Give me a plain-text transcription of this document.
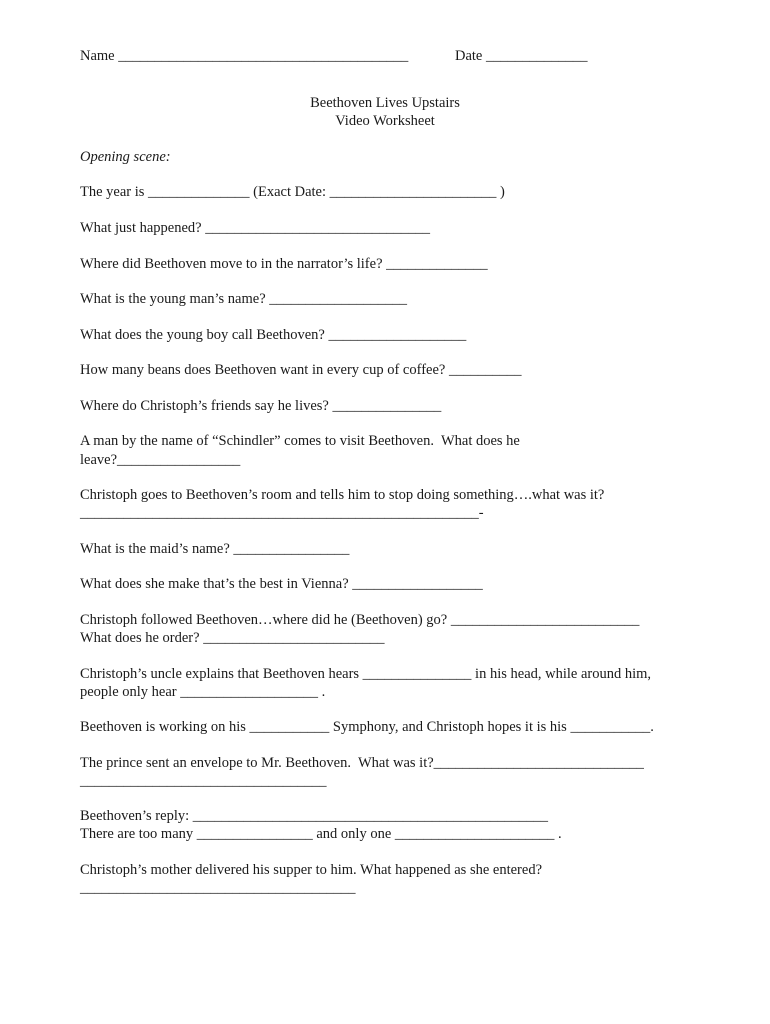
Name ________________________________________	Date ______________
Beethoven Lives Upstairs
Video Worksheet
Opening scene:
The year is ______________ (Exact Date: _______________________ )
What just happened? _______________________________
Where did Beethoven move to in the narrator’s life? ______________
What is the young man’s name? ___________________
What does the young boy call Beethoven? ___________________
How many beans does Beethoven want in every cup of coffee? __________
Where do Christoph’s friends say he lives? _______________
A man by the name of “Schindler” comes to visit Beethoven.  What does he
leave?_________________
Christoph goes to Beethoven’s room and tells him to stop doing something….what was it?
_______________________________________________________-
What is the maid’s name? ________________
What does she make that’s the best in Vienna? __________________
Christoph followed Beethoven…where did he (Beethoven) go? __________________________
What does he order? _________________________
Christoph’s uncle explains that Beethoven hears _______________ in his head, while around him,
people only hear ___________________ .
Beethoven is working on his ___________ Symphony, and Christoph hopes it is his ___________.
The prince sent an envelope to Mr. Beethoven.  What was it?_____________________________
__________________________________
Beethoven’s reply: _________________________________________________
There are too many ________________ and only one ______________________ .
Christoph’s mother delivered his supper to him. What happened as she entered?
______________________________________
